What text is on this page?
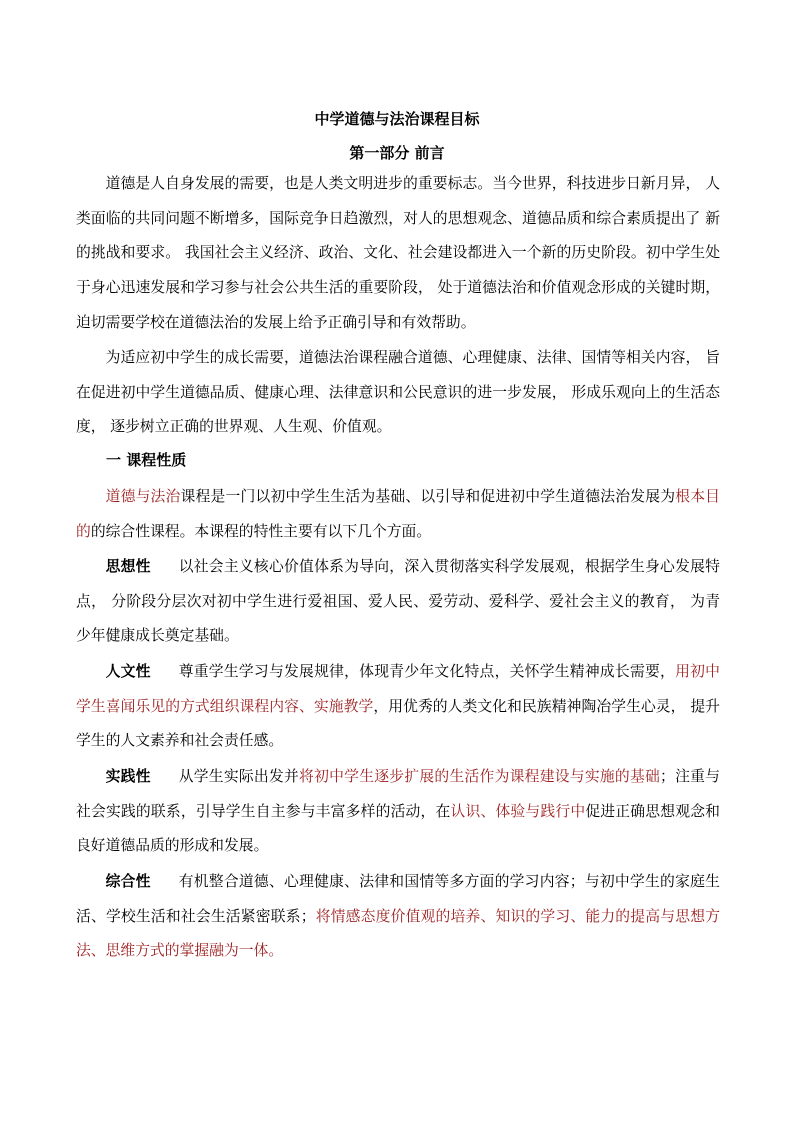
中学道德与法治课程目标
第一部分 前言

道德是人自身发展的需要，也是人类文明进步的重要标志。当今世界，科技进步日新月异， 人类面临的共同问题不断增多，国际竞争日趋激烈，对人的思想观念、道德品质和综合素质提出了 新的挑战和要求。 我国社会主义经济、政治、文化、社会建设都进入一个新的历史阶段。初中学生处于身心迅速发展和学习参与社会公共生活的重要阶段， 处于道德法治和价值观念形成的关键时期，迫切需要学校在道德法治的发展上给予正确引导和有效帮助。

为适应初中学生的成长需要，道德法治课程融合道德、心理健康、法律、国情等相关内容， 旨在促进初中学生道德品质、健康心理、法律意识和公民意识的进一步发展， 形成乐观向上的生活态度， 逐步树立正确的世界观、人生观、价值观。

一 课程性质

道德与法治课程是一门以初中学生生活为基础、以引导和促进初中学生道德法治发展为根本目的的综合性课程。本课程的特性主要有以下几个方面。

思想性 以社会主义核心价值体系为导向，深入贯彻落实科学发展观，根据学生身心发展特点， 分阶段分层次对初中学生进行爱祖国、爱人民、爱劳动、爱科学、爱社会主义的教育， 为青少年健康成长奠定基础。

人文性 尊重学生学习与发展规律，体现青少年文化特点，关怀学生精神成长需要，用初中学生喜闻乐见的方式组织课程内容、实施教学，用优秀的人类文化和民族精神陶冶学生心灵， 提升学生的人文素养和社会责任感。

实践性 从学生实际出发并将初中学生逐步扩展的生活作为课程建设与实施的基础；注重与社会实践的联系，引导学生自主参与丰富多样的活动，在认识、体验与践行中促进正确思想观念和良好道德品质的形成和发展。

综合性 有机整合道德、心理健康、法律和国情等多方面的学习内容；与初中学生的家庭生活、学校生活和社会生活紧密联系；将情感态度价值观的培养、知识的学习、能力的提高与思想方法、思维方式的掌握融为一体。
